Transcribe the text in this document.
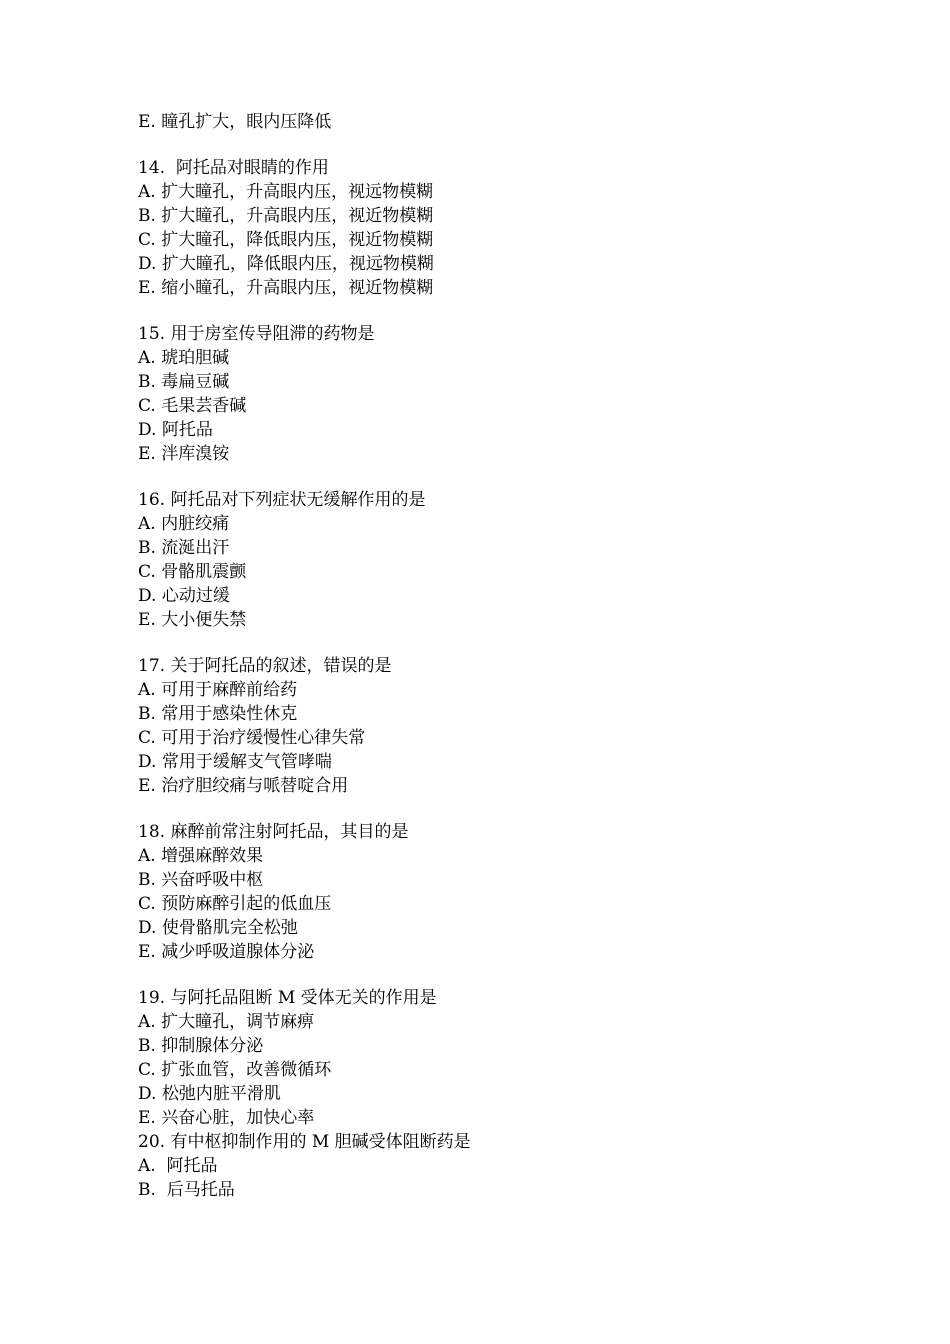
E. 瞳孔扩大，眼内压降低
14.  阿托品对眼睛的作用
A. 扩大瞳孔，升高眼内压，视远物模糊
B. 扩大瞳孔，升高眼内压，视近物模糊
C. 扩大瞳孔，降低眼内压，视近物模糊
D. 扩大瞳孔，降低眼内压，视远物模糊
E. 缩小瞳孔，升高眼内压，视近物模糊
15. 用于房室传导阻滞的药物是
A. 琥珀胆碱
B. 毒扁豆碱
C. 毛果芸香碱
D. 阿托品
E. 泮库溴铵
16. 阿托品对下列症状无缓解作用的是
A. 内脏绞痛
B. 流涎出汗
C. 骨骼肌震颤
D. 心动过缓
E. 大小便失禁
17. 关于阿托品的叙述，错误的是
A. 可用于麻醉前给药
B. 常用于感染性休克
C. 可用于治疗缓慢性心律失常
D. 常用于缓解支气管哮喘
E. 治疗胆绞痛与哌替啶合用
18. 麻醉前常注射阿托品，其目的是
A. 增强麻醉效果
B. 兴奋呼吸中枢
C. 预防麻醉引起的低血压
D. 使骨骼肌完全松弛
E. 减少呼吸道腺体分泌
19. 与阿托品阻断 M 受体无关的作用是
A. 扩大瞳孔，调节麻痹
B. 抑制腺体分泌
C. 扩张血管，改善微循环
D. 松弛内脏平滑肌
E. 兴奋心脏，加快心率
20. 有中枢抑制作用的 M 胆碱受体阻断药是
A.  阿托品
B.  后马托品
